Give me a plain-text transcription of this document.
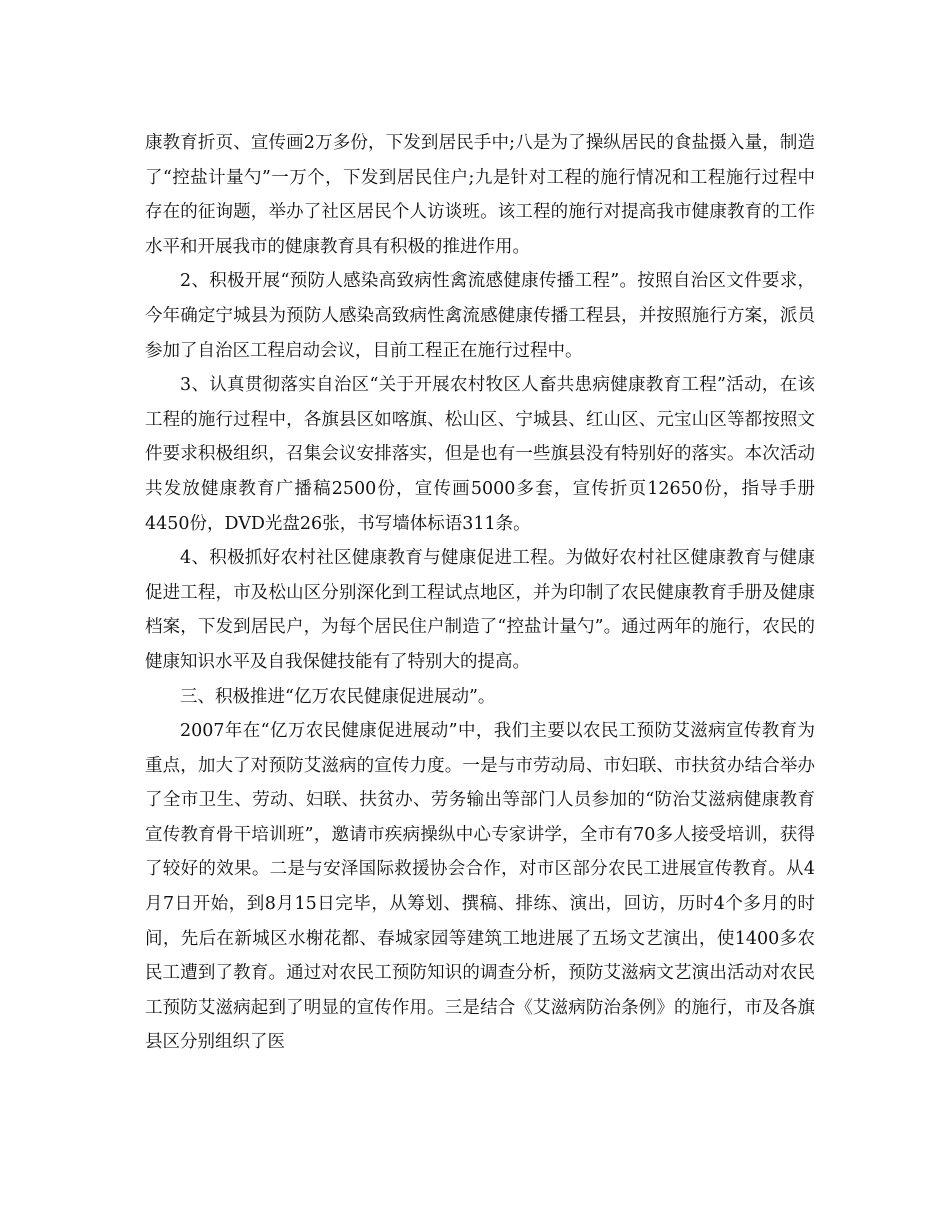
康教育折页、宣传画2万多份，下发到居民手中;八是为了操纵居民的食盐摄入量，制造了“控盐计量勺”一万个，下发到居民住户;九是针对工程的施行情况和工程施行过程中存在的征询题，举办了社区居民个人访谈班。该工程的施行对提高我市健康教育的工作水平和开展我市的健康教育具有积极的推进作用。

2、积极开展“预防人感染高致病性禽流感健康传播工程”。按照自治区文件要求，今年确定宁城县为预防人感染高致病性禽流感健康传播工程县，并按照施行方案，派员参加了自治区工程启动会议，目前工程正在施行过程中。

3、认真贯彻落实自治区“关于开展农村牧区人畜共患病健康教育工程”活动，在该工程的施行过程中，各旗县区如喀旗、松山区、宁城县、红山区、元宝山区等都按照文件要求积极组织，召集会议安排落实，但是也有一些旗县没有特别好的落实。本次活动共发放健康教育广播稿2500份，宣传画5000多套，宣传折页12650份，指导手册4450份，DVD光盘26张，书写墙体标语311条。

4、积极抓好农村社区健康教育与健康促进工程。为做好农村社区健康教育与健康促进工程，市及松山区分别深化到工程试点地区，并为印制了农民健康教育手册及健康档案，下发到居民户，为每个居民住户制造了“控盐计量勺”。通过两年的施行，农民的健康知识水平及自我保健技能有了特别大的提高。

三、积极推进“亿万农民健康促进展动”。

2007年在“亿万农民健康促进展动”中，我们主要以农民工预防艾滋病宣传教育为重点，加大了对预防艾滋病的宣传力度。一是与市劳动局、市妇联、市扶贫办结合举办了全市卫生、劳动、妇联、扶贫办、劳务输出等部门人员参加的“防治艾滋病健康教育宣传教育骨干培训班”，邀请市疾病操纵中心专家讲学，全市有70多人接受培训，获得了较好的效果。二是与安泽国际救援协会合作，对市区部分农民工进展宣传教育。从4月7日开始，到8月15日完毕，从筹划、撰稿、排练、演出，回访，历时4个多月的时间，先后在新城区水榭花都、春城家园等建筑工地进展了五场文艺演出，使1400多农民工遭到了教育。通过对农民工预防知识的调查分析，预防艾滋病文艺演出活动对农民工预防艾滋病起到了明显的宣传作用。三是结合《艾滋病防治条例》的施行，市及各旗县区分别组织了医
